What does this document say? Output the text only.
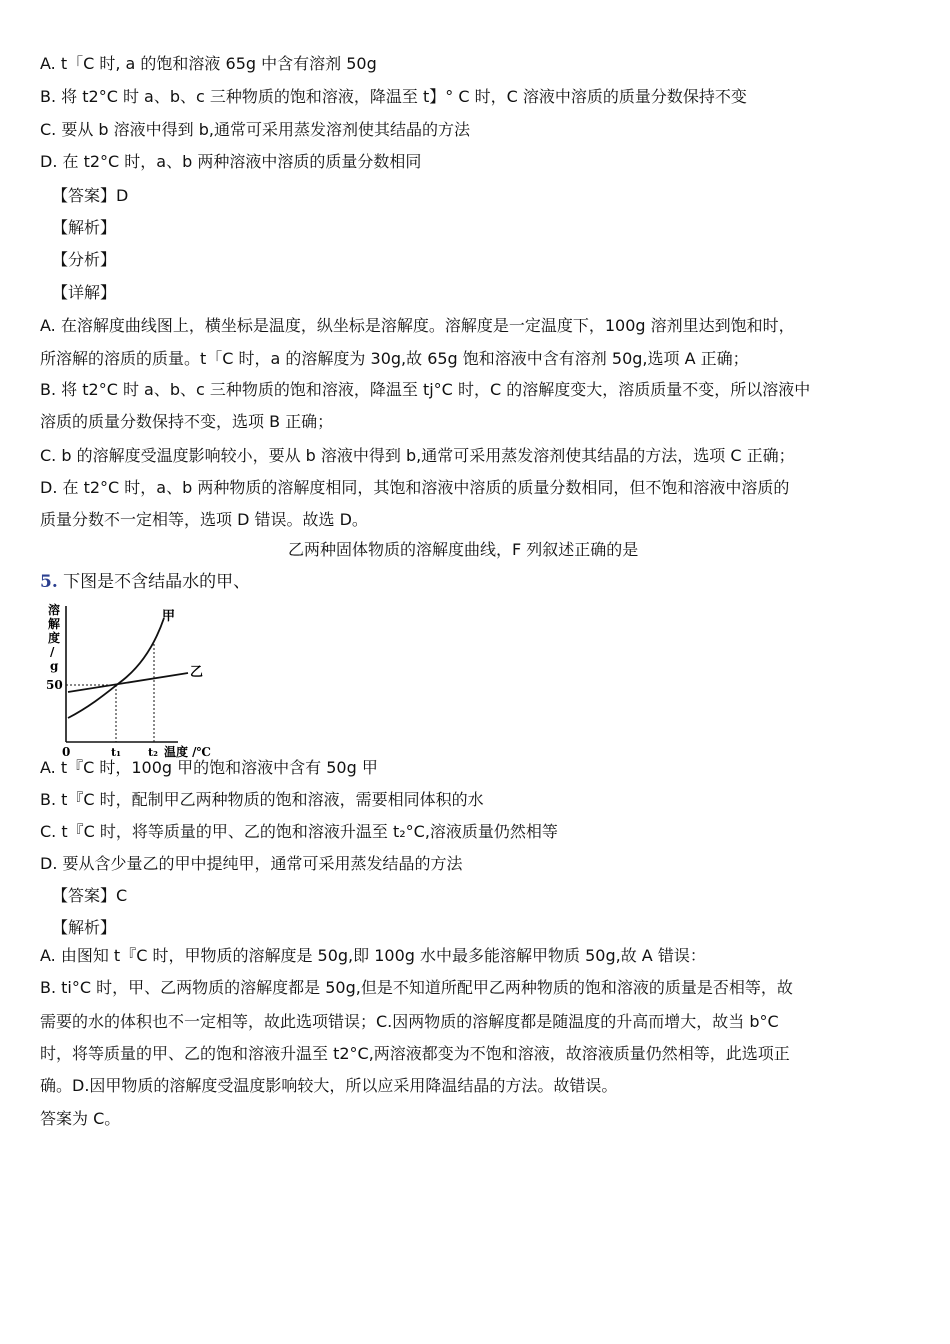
A. t「C 时, a 的饱和溶液 65g 中含有溶剂 50g
B. 将 t2°C 时 a、b、c 三种物质的饱和溶液，降温至 t】° C 时，C 溶液中溶质的质量分数保持不变
C. 要从 b 溶液中得到 b,通常可采用蒸发溶剂使其结晶的方法
D. 在 t2°C 时，a、b 两种溶液中溶质的质量分数相同
【答案】D
【解析】
【分析】
【详解】
A. 在溶解度曲线图上，横坐标是温度，纵坐标是溶解度。溶解度是一定温度下，100g 溶剂里达到饱和时，
所溶解的溶质的质量。t「C 时，a 的溶解度为 30g,故 65g 饱和溶液中含有溶剂 50g,选项 A 正确；
B. 将 t2°C 时 a、b、c 三种物质的饱和溶液，降温至 tj°C 时，C 的溶解度变大，溶质质量不变，所以溶液中
溶质的质量分数保持不变，选项 B 正确；
C. b 的溶解度受温度影响较小，要从 b 溶液中得到 b,通常可采用蒸发溶剂使其结晶的方法，选项 C 正确；
D. 在 t2°C 时，a、b 两种物质的溶解度相同，其饱和溶液中溶质的质量分数相同，但不饱和溶液中溶质的
质量分数不一定相等，选项 D 错误。故选 D。
乙两种固体物质的溶解度曲线，F 列叙述正确的是
5. 下图是不含结晶水的甲、
溶
解
度
/
g
50
甲
乙
0	t₁ t₂ 温度 /℃
A. t『C 时，100g 甲的饱和溶液中含有 50g 甲
B. t『C 时，配制甲乙两种物质的饱和溶液，需要相同体积的水
C. t『C 时，将等质量的甲、乙的饱和溶液升温至 t₂°C,溶液质量仍然相等
D. 要从含少量乙的甲中提纯甲，通常可采用蒸发结晶的方法
【答案】C
【解析】
A. 由图知 t『C 时，甲物质的溶解度是 50g,即 100g 水中最多能溶解甲物质 50g,故 A 错误：
B. ti°C 时，甲、乙两物质的溶解度都是 50g,但是不知道所配甲乙两种物质的饱和溶液的质量是否相等，故
需要的水的体积也不一定相等，故此选项错误；C.因两物质的溶解度都是随温度的升高而增大，故当 b°C
时，将等质量的甲、乙的饱和溶液升温至 t2°C,两溶液都变为不饱和溶液，故溶液质量仍然相等，此选项正
确。D.因甲物质的溶解度受温度影响较大，所以应采用降温结晶的方法。故错误。
答案为 C。
